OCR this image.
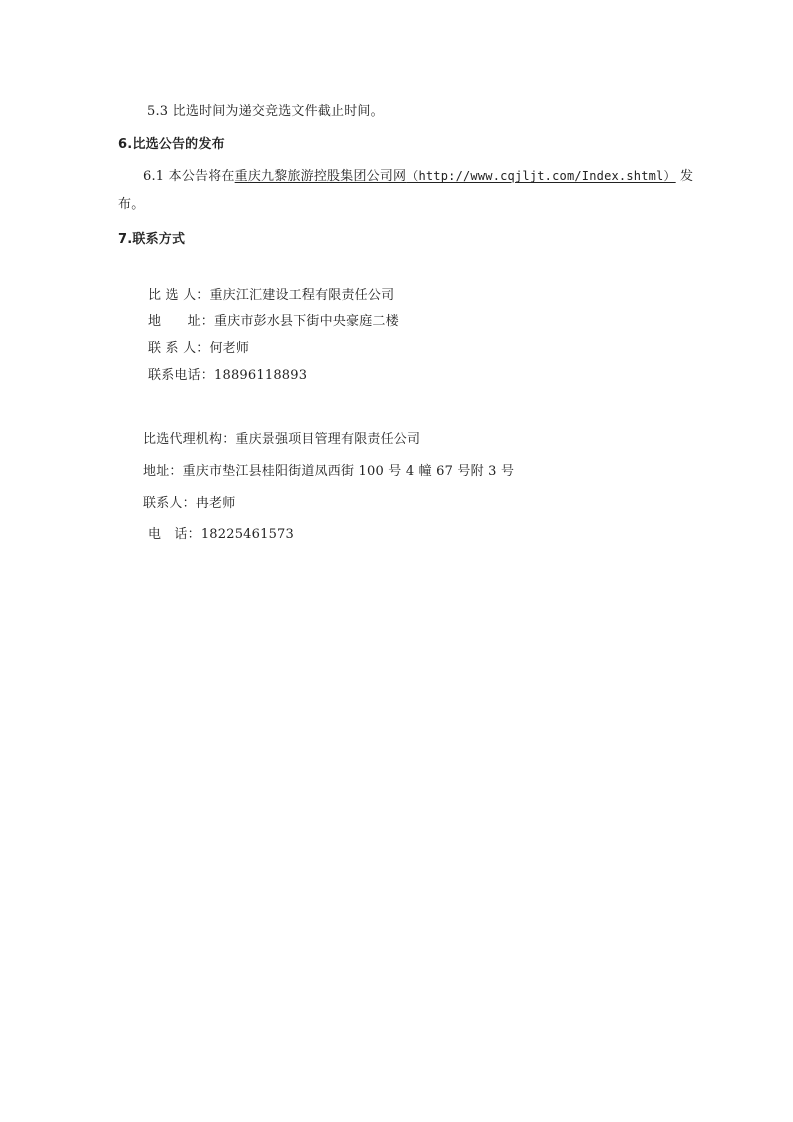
5.3 比选时间为递交竞选文件截止时间。
6.比选公告的发布
6.1 本公告将在重庆九黎旅游控股集团公司网（http://www.cqjljt.com/Index.shtml） 发
布。
7.联系方式
比 选 人：重庆江汇建设工程有限责任公司
地　　址：重庆市彭水县下街中央豪庭二楼
联 系 人：何老师
联系电话：18896118893
比选代理机构：重庆景强项目管理有限责任公司
地址：重庆市垫江县桂阳街道凤西街 100 号 4 幢 67 号附 3 号
联系人：冉老师
电　话：18225461573
